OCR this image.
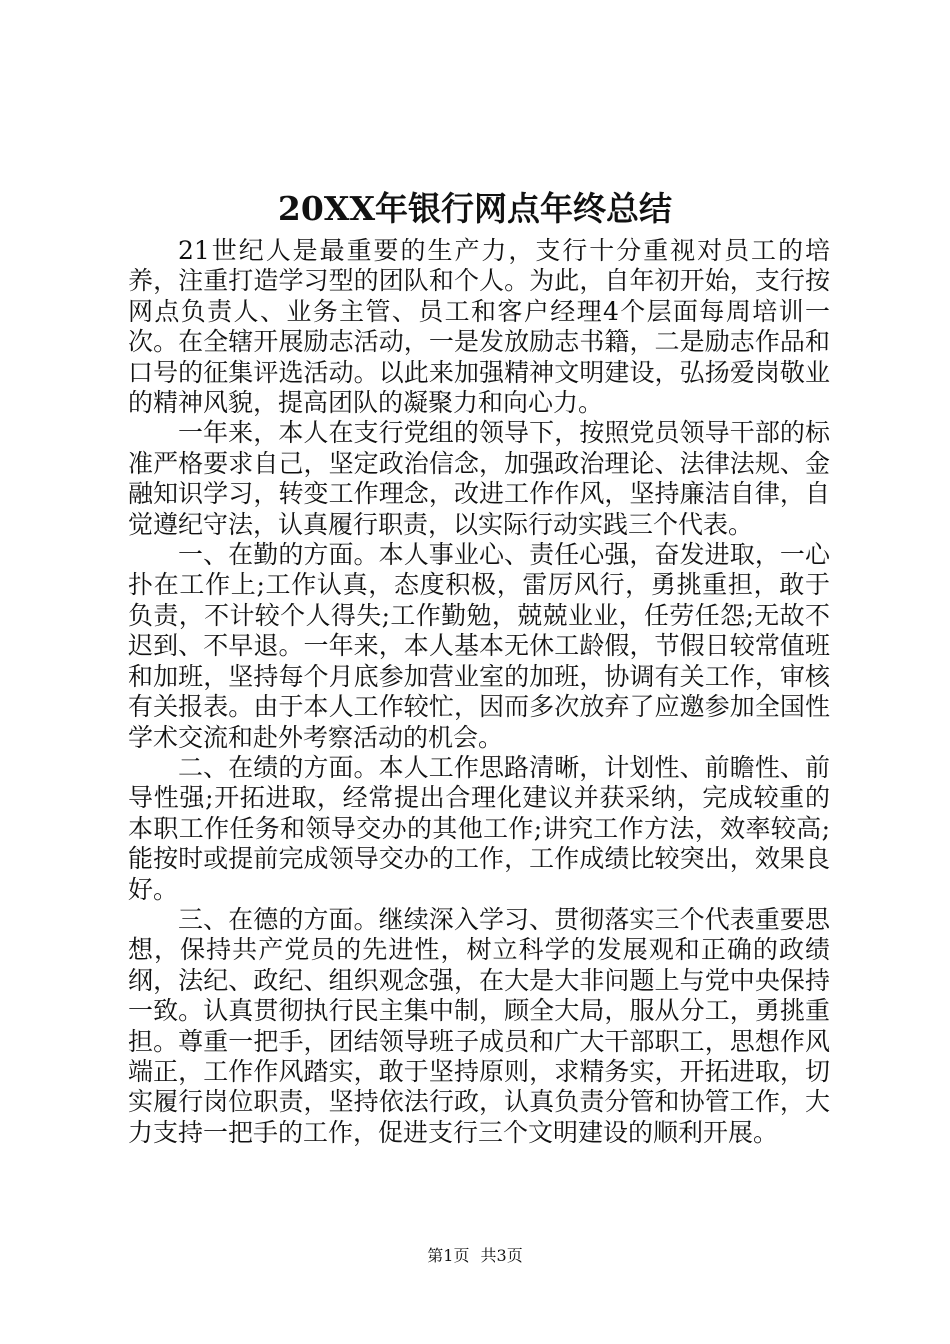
20XX年银行网点年终总结

21世纪人是最重要的生产力，支行十分重视对员工的培养，注重打造学习型的团队和个人。为此，自年初开始，支行按网点负责人、业务主管、员工和客户经理4个层面每周培训一次。在全辖开展励志活动，一是发放励志书籍，二是励志作品和口号的征集评选活动。以此来加强精神文明建设，弘扬爱岗敬业的精神风貌，提高团队的凝聚力和向心力。

一年来，本人在支行党组的领导下，按照党员领导干部的标准严格要求自己，坚定政治信念，加强政治理论、法律法规、金融知识学习，转变工作理念，改进工作作风，坚持廉洁自律，自觉遵纪守法，认真履行职责，以实际行动实践三个代表。

一、在勤的方面。本人事业心、责任心强，奋发进取，一心扑在工作上;工作认真，态度积极，雷厉风行，勇挑重担，敢于负责，不计较个人得失;工作勤勉，兢兢业业，任劳任怨;无故不迟到、不早退。一年来，本人基本无休工龄假，节假日较常值班和加班，坚持每个月底参加营业室的加班，协调有关工作，审核有关报表。由于本人工作较忙，因而多次放弃了应邀参加全国性学术交流和赴外考察活动的机会。

二、在绩的方面。本人工作思路清晰，计划性、前瞻性、前导性强;开拓进取，经常提出合理化建议并获采纳，完成较重的本职工作任务和领导交办的其他工作;讲究工作方法，效率较高;能按时或提前完成领导交办的工作，工作成绩比较突出，效果良好。

三、在德的方面。继续深入学习、贯彻落实三个代表重要思想，保持共产党员的先进性，树立科学的发展观和正确的政绩纲，法纪、政纪、组织观念强，在大是大非问题上与党中央保持一致。认真贯彻执行民主集中制，顾全大局，服从分工，勇挑重担。尊重一把手，团结领导班子成员和广大干部职工，思想作风端正，工作作风踏实，敢于坚持原则，求精务实，开拓进取，切实履行岗位职责，坚持依法行政，认真负责分管和协管工作，大力支持一把手的工作，促进支行三个文明建设的顺利开展。

第1页 共3页
